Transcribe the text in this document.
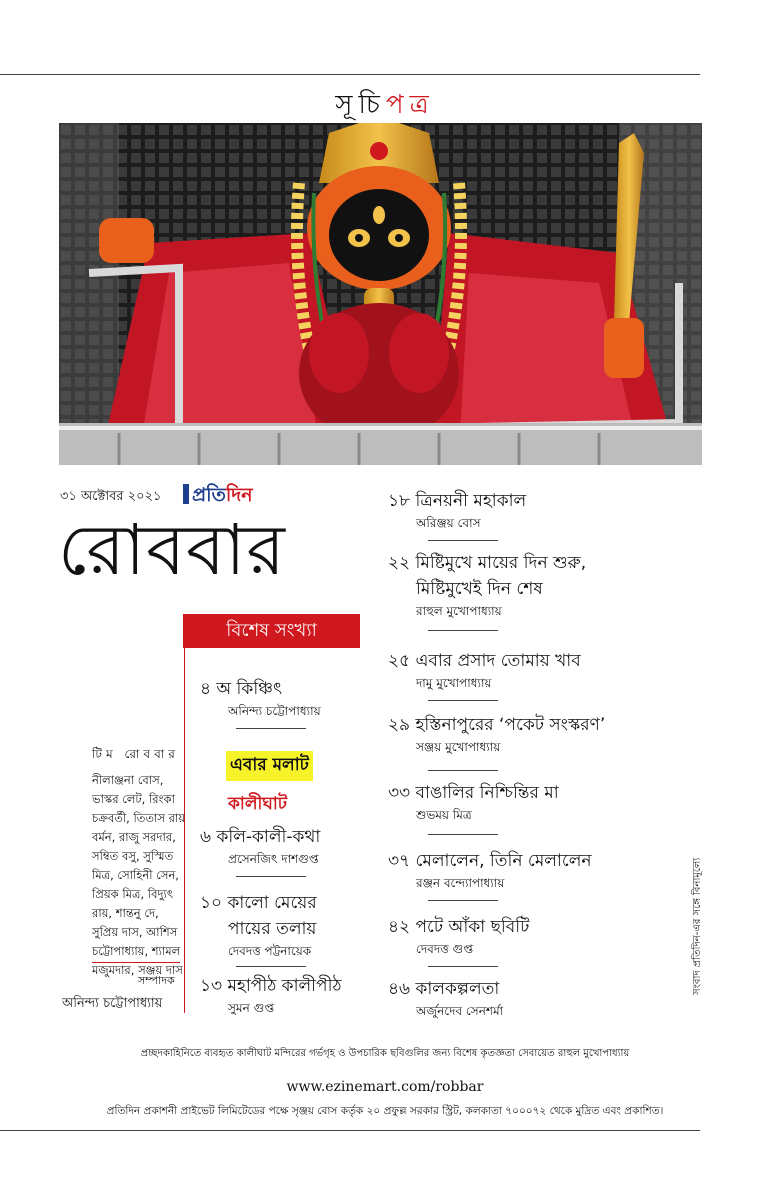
সূচিপত্র
৩১ অক্টোবর ২০২১	প্রতিদিন
রোববার
বিশেষ সংখ্যা
টিম রোববার
নীলাঞ্জনা বোস, ভাস্কর লেট, রিংকা চক্রবর্তী, তিতাস রায় বর্মন, রাজু সরদার, সম্বিত বসু, সুস্মিত মিত্র, সোহিনী সেন, প্রিয়ক মিত্র, বিদ্যুৎ রায়, শান্তনু দে, সুপ্রিয় দাস, আশিস চট্টোপাধ্যায়, শ্যামল মজুমদার, সঞ্জয় দাস
সম্পাদক
অনিন্দ্য চট্টোপাধ্যায়
৪ অ কিঞ্চিৎ
অনিন্দ্য চট্টোপাধ্যায়
এবার মলাট
কালীঘাট
৬ কলি-কালী-কথা
প্রসেনজিৎ দাশগুপ্ত
১০ কালো মেয়ের
পায়ের তলায়
দেবদত্ত পট্টনায়েক
১৩ মহাপীঠ কালীপীঠ
সুমন গুপ্ত
১৮ ত্রিনয়নী মহাকাল
অরিঞ্জয় বোস
২২ মিষ্টিমুখে মায়ের দিন শুরু,
মিষ্টিমুখেই দিন শেষ
রাহুল মুখোপাধ্যায়
২৫ এবার প্রসাদ তোমায় খাব
দামু মুখোপাধ্যায়
২৯ হস্তিনাপুরের ‘পকেট সংস্করণ’
সঞ্জয় মুখোপাধ্যায়
৩৩ বাঙালির নিশ্চিন্তির মা
শুভময় মিত্র
৩৭ মেলালেন, তিনি মেলালেন
রঞ্জন বন্দ্যোপাধ্যায়
৪২ পটে আঁকা ছবিটি
দেবদত্ত গুপ্ত
৪৬ কালকল্পলতা
অর্জুনদেব সেনশর্মা
সংবাদ প্রতিদিন-এর সঙ্গে বিনামূল্যে
প্রচ্ছদকাহিনিতে ব্যবহৃত কালীঘাট মন্দিরের গর্ভগৃহ ও উপচারিক ছবিগুলির জন্য বিশেষ কৃতজ্ঞতা সেবায়েত রাহুল মুখোপাধ্যায়
www.ezinemart.com/robbar
প্রতিদিন প্রকাশনী প্রাইভেট লিমিটেডের পক্ষে সৃঞ্জয় বোস কর্তৃক ২০ প্রফুল্ল সরকার স্ট্রিট, কলকাতা ৭০০০৭২ থেকে মুদ্রিত এবং প্রকাশিত।
